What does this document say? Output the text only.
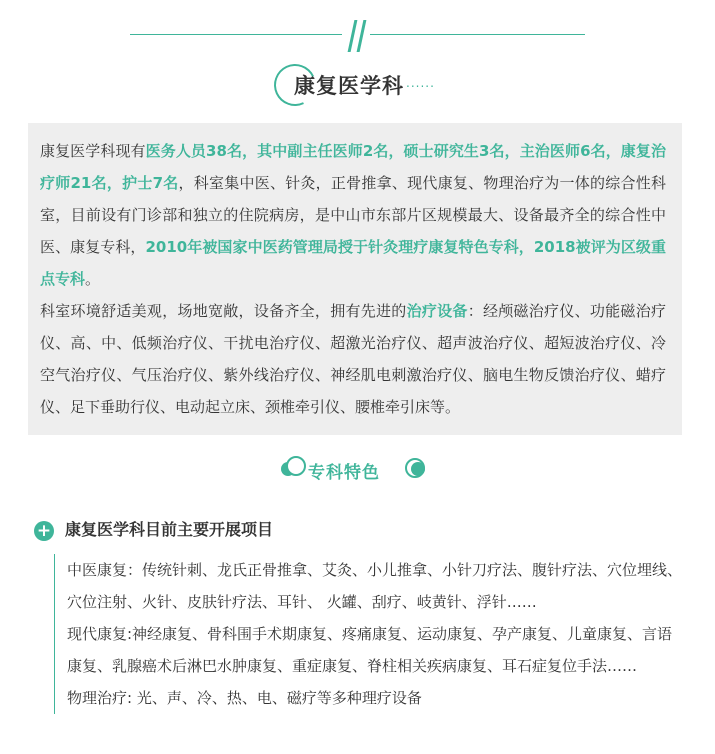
康复医学科 ......
康复医学科现有医务人员38名，其中副主任医师2名，硕士研究生3名，主治医师6名，康复治疗师21名，护士7名，科室集中医、针灸，正骨推拿、现代康复、物理治疗为一体的综合性科室，目前设有门诊部和独立的住院病房，是中山市东部片区规模最大、设备最齐全的综合性中医、康复专科，2010年被国家中医药管理局授于针灸理疗康复特色专科，2018被评为区级重点专科。
科室环境舒适美观，场地宽敞，设备齐全，拥有先进的治疗设备：经颅磁治疗仪、功能磁治疗仪、高、中、低频治疗仪、干扰电治疗仪、超激光治疗仪、超声波治疗仪、超短波治疗仪、冷空气治疗仪、气压治疗仪、紫外线治疗仪、神经肌电刺激治疗仪、脑电生物反馈治疗仪、蜡疗仪、足下垂助行仪、电动起立床、颈椎牵引仪、腰椎牵引床等。
专科特色
+ 康复医学科目前主要开展项目

中医康复：传统针刺、龙氏正骨推拿、艾灸、小儿推拿、小针刀疗法、腹针疗法、穴位埋线、穴位注射、火针、皮肤针疗法、耳针、 火罐、刮疗、岐黄针、浮针……

现代康复:神经康复、骨科围手术期康复、疼痛康复、运动康复、孕产康复、儿童康复、言语康复、乳腺癌术后淋巴水肿康复、重症康复、脊柱相关疾病康复、耳石症复位手法……

物理治疗: 光、声、冷、热、电、磁疗等多种理疗设备
